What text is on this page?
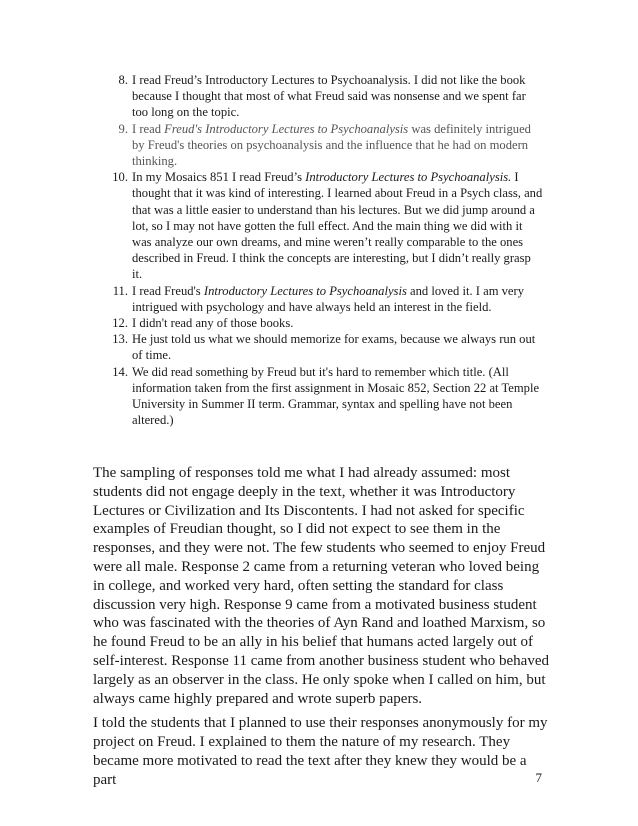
8 . I read Freud’s Introductory Lectures to Psychoanalysis. I did not like the book because I thought that most of what Freud said was nonsense and we spent far too long on the topic.
9 . I read Freud's Introductory Lectures to Psychoanalysis was definitely intrigued by Freud's theories on psychoanalysis and the influence that he had on modern thinking.
10 . In my Mosaics 851 I read Freud’s Introductory Lectures to Psychoanalysis. I thought that it was kind of interesting. I learned about Freud in a Psych class, and that was a little easier to understand than his lectures. But we did jump around a lot, so I may not have gotten the full effect. And the main thing we did with it was analyze our own dreams, and mine weren’t really comparable to the ones described in Freud. I think the concepts are interesting, but I didn’t really grasp it.
11 . I read Freud's Introductory Lectures to Psychoanalysis and loved it. I am very intrigued with psychology and have always held an interest in the field.
12 . I didn't read any of those books.
13 . He just told us what we should memorize for exams, because we always run out of time.
14 . We did read something by Freud but it's hard to remember which title. (All information taken from the first assignment in Mosaic 852, Section 22 at Temple University in Summer II term. Grammar, syntax and spelling have not been altered.)

The sampling of responses told me what I had already assumed: most students did not engage deeply in the text, whether it was Introductory Lectures or Civilization and Its Discontents. I had not asked for specific examples of Freudian thought, so I did not expect to see them in the responses, and they were not. The few students who seemed to enjoy Freud were all male. Response 2 came from a returning veteran who loved being in college, and worked very hard, often setting the standard for class discussion very high. Response 9 came from a motivated business student who was fascinated with the theories of Ayn Rand and loathed Marxism, so he found Freud to be an ally in his belief that humans acted largely out of self-interest. Response 11 came from another business student who behaved largely as an observer in the class. He only spoke when I called on him, but always came highly prepared and wrote superb papers.

I told the students that I planned to use their responses anonymously for my project on Freud. I explained to them the nature of my research. They became more motivated to read the text after they knew they would be a part	7
